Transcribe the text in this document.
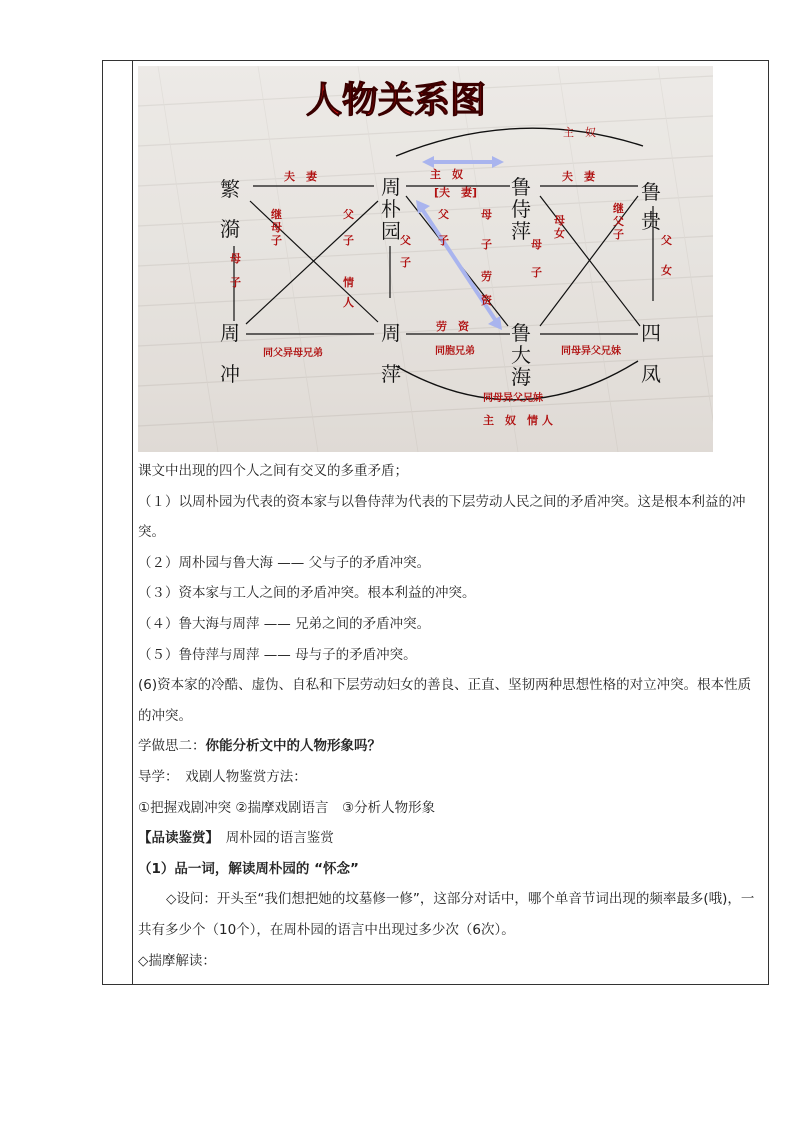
人物关系图
主　奴
同母异父兄妹
主　奴　情 人
繁漪
周朴园
鲁侍萍
鲁贵
周冲
周萍
鲁大海
四凤
夫　妻	主　奴
[夫　妻]
夫　妻
继母子
父子
母子	情人
父子
父子
母子
劳资
母子
母女
继父子	父女
劳　资
同父异母兄弟	同胞兄弟	同母异父兄妹

课文中出现的四个人之间有交叉的多重矛盾；

（１）以周朴园为代表的资本家与以鲁侍萍为代表的下层劳动人民之间的矛盾冲突。这是根本利益的冲突。

（２）周朴园与鲁大海 —— 父与子的矛盾冲突。

（３）资本家与工人之间的矛盾冲突。根本利益的冲突。

（４）鲁大海与周萍 —— 兄弟之间的矛盾冲突。

（５）鲁侍萍与周萍 —— 母与子的矛盾冲突。

(6)资本家的冷酷、虚伪、自私和下层劳动妇女的善良、正直、坚韧两种思想性格的对立冲突。根本性质的冲突。

学做思二：你能分析文中的人物形象吗？

导学：　戏剧人物鉴赏方法：

①把握戏剧冲突 ②揣摩戏剧语言　③分析人物形象

【品读鉴赏】　周朴园的语言鉴赏

（1）品一词，解读周朴园的 “怀念”

◇设问：开头至“我们想把她的坟墓修一修”，这部分对话中，哪个单音节词出现的频率最多(哦)，一共有多少个（10个），在周朴园的语言中出现过多少次（6次）。

◇揣摩解读：
